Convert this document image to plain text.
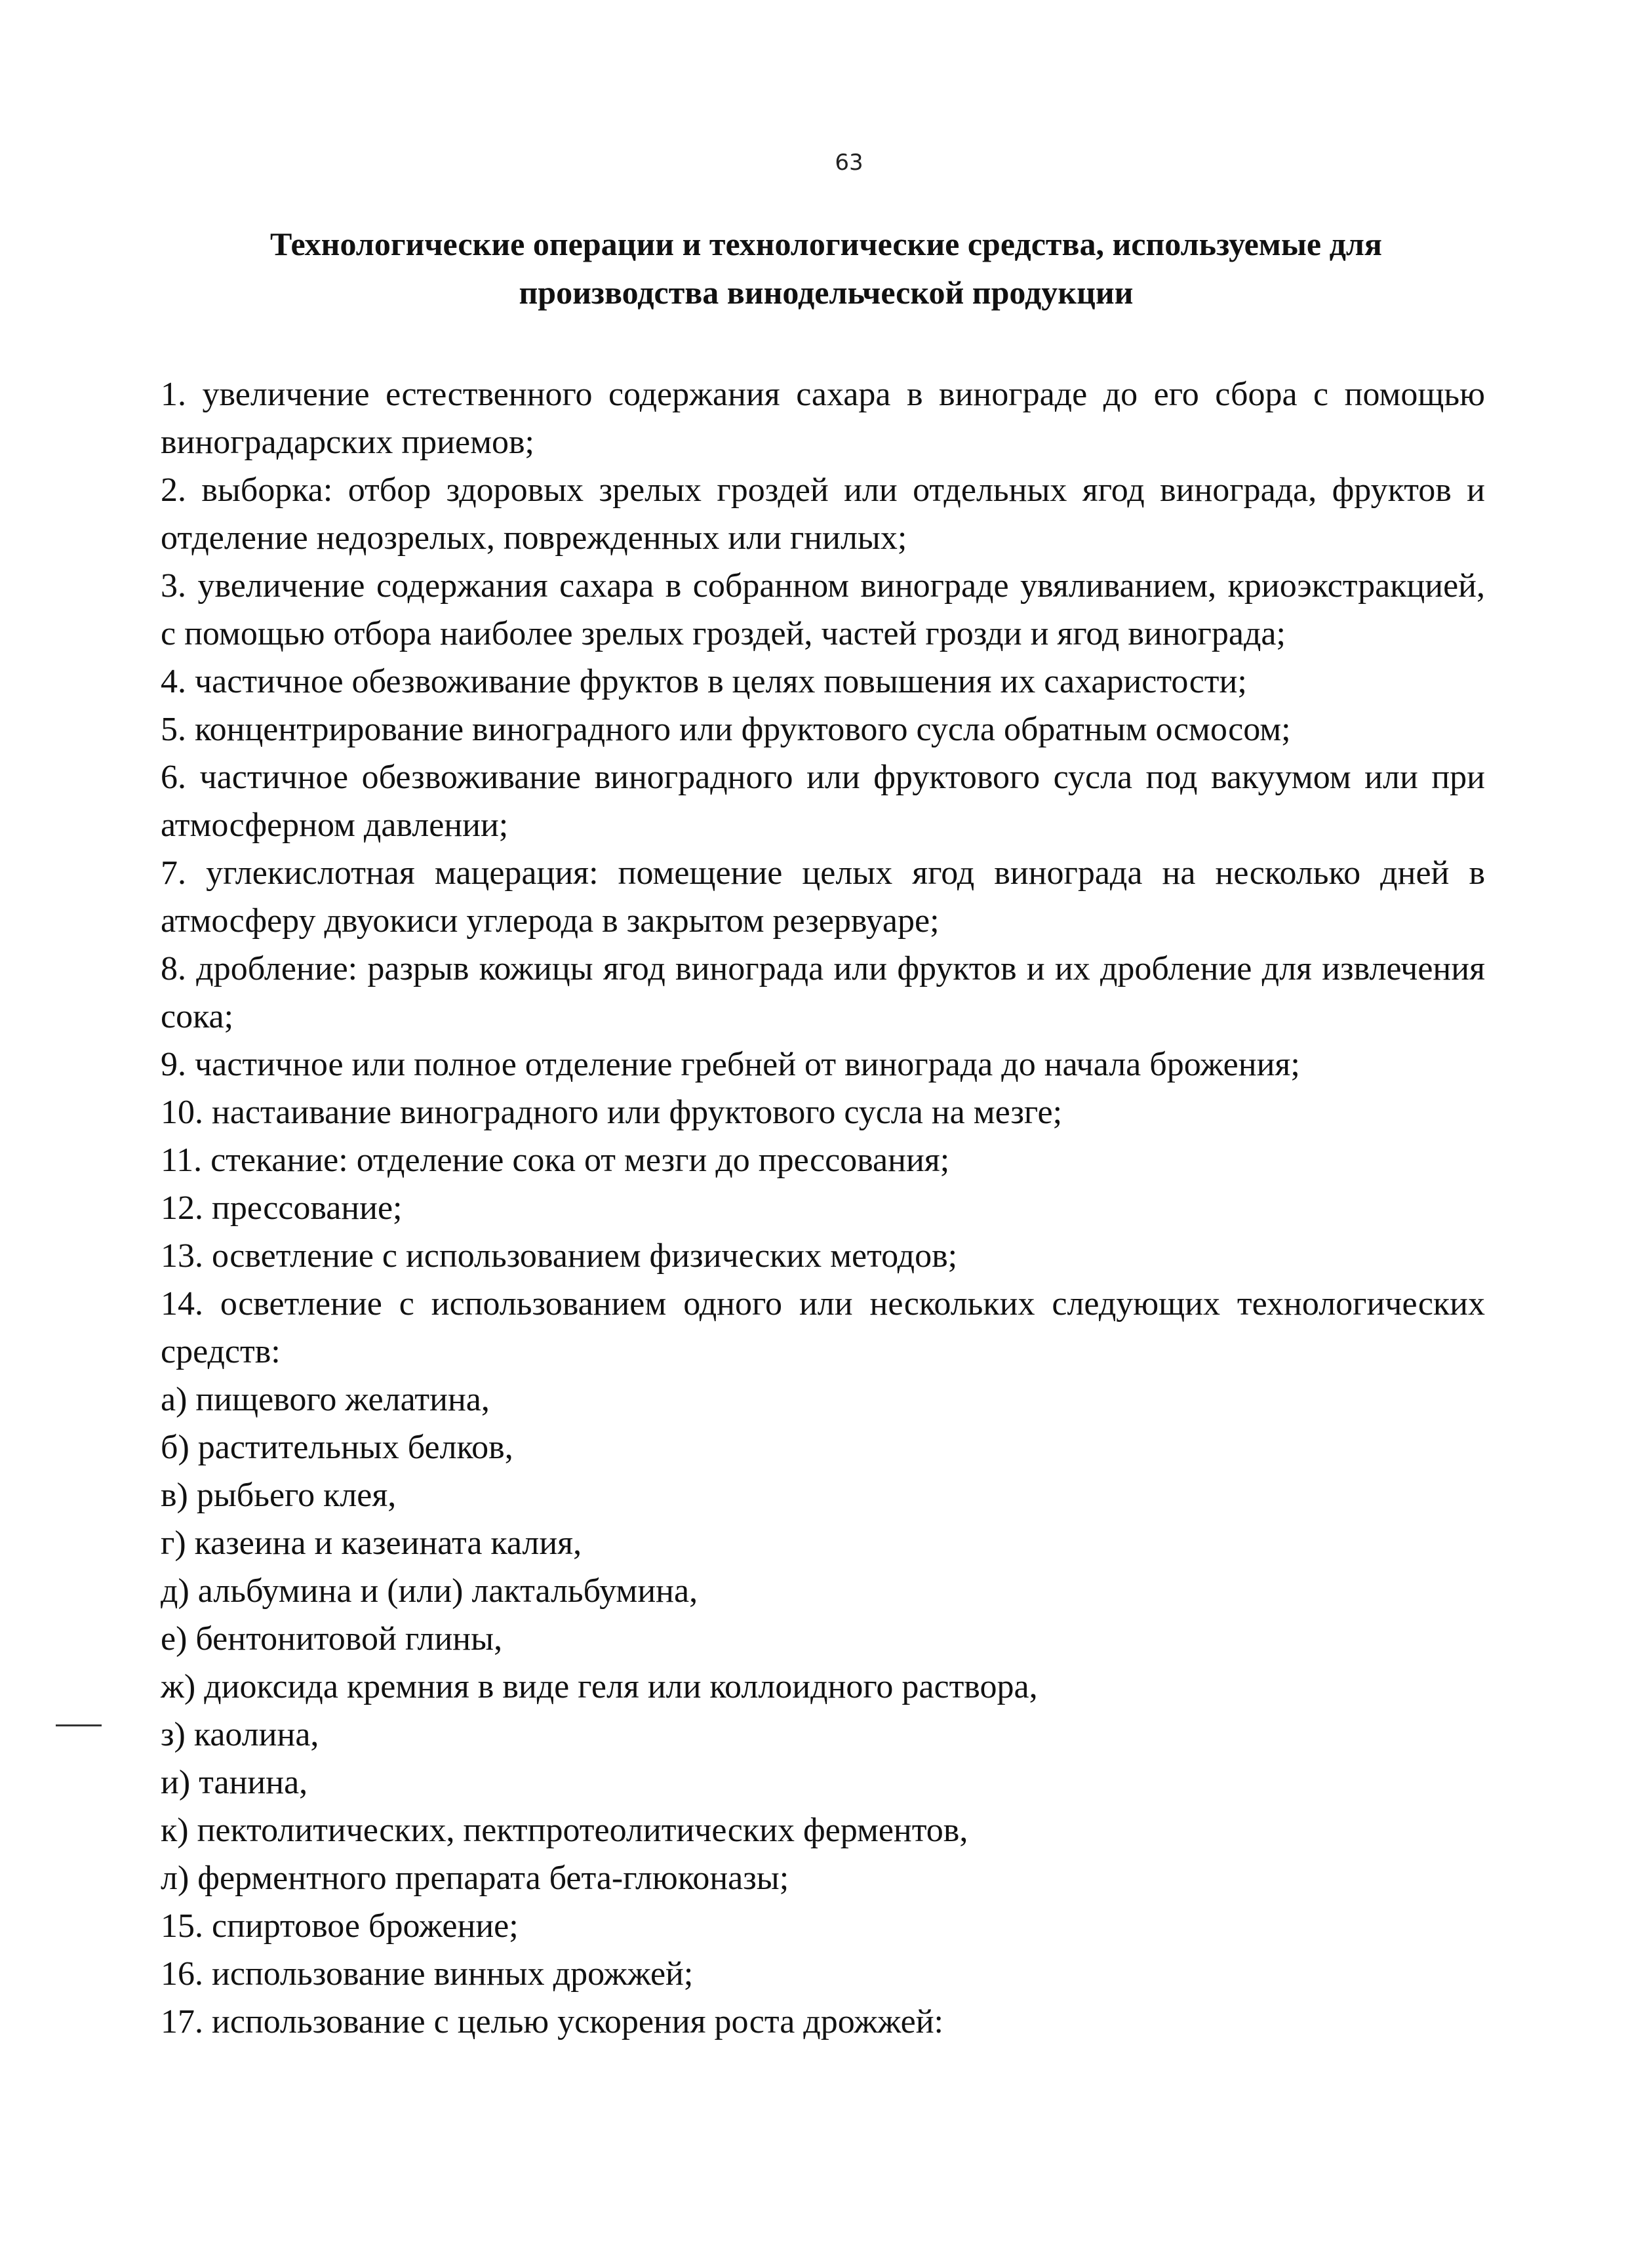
63
Технологические операции и технологические средства, используемые для
производства винодельческой продукции

1. увеличение естественного содержания сахара в винограде до его сбора с помощью виноградарских приемов;

2. выборка: отбор здоровых зрелых гроздей или отдельных ягод винограда, фруктов и отделение недозрелых, поврежденных или гнилых;

3. увеличение содержания сахара в собранном винограде увяливанием, криоэкстракцией, с помощью отбора наиболее зрелых гроздей, частей грозди и ягод винограда;

4. частичное обезвоживание фруктов в целях повышения их сахаристости;

5. концентрирование виноградного или фруктового сусла обратным осмосом;

6. частичное обезвоживание виноградного или фруктового сусла под вакуумом или при атмосферном давлении;

7. углекислотная мацерация: помещение целых ягод винограда на несколько дней в атмосферу двуокиси углерода в закрытом резервуаре;

8. дробление: разрыв кожицы ягод винограда или фруктов и их дробление для извлечения сока;

9. частичное или полное отделение гребней от винограда до начала брожения;

10. настаивание виноградного или фруктового сусла на мезге;

11. стекание: отделение сока от мезги до прессования;

12. прессование;

13. осветление с использованием физических методов;

14. осветление с использованием одного или нескольких следующих технологических средств:

а) пищевого желатина,

б) растительных белков,

в) рыбьего клея,

г) казеина и казеината калия,

д) альбумина и (или) лактальбумина,

е) бентонитовой глины,

ж) диоксида кремния в виде геля или коллоидного раствора,

з) каолина,

и) танина,

к) пектолитических, пектпротеолитических ферментов,

л) ферментного препарата бета-глюконазы;

15. спиртовое брожение;

16. использование винных дрожжей;

17. использование с целью ускорения роста дрожжей:
